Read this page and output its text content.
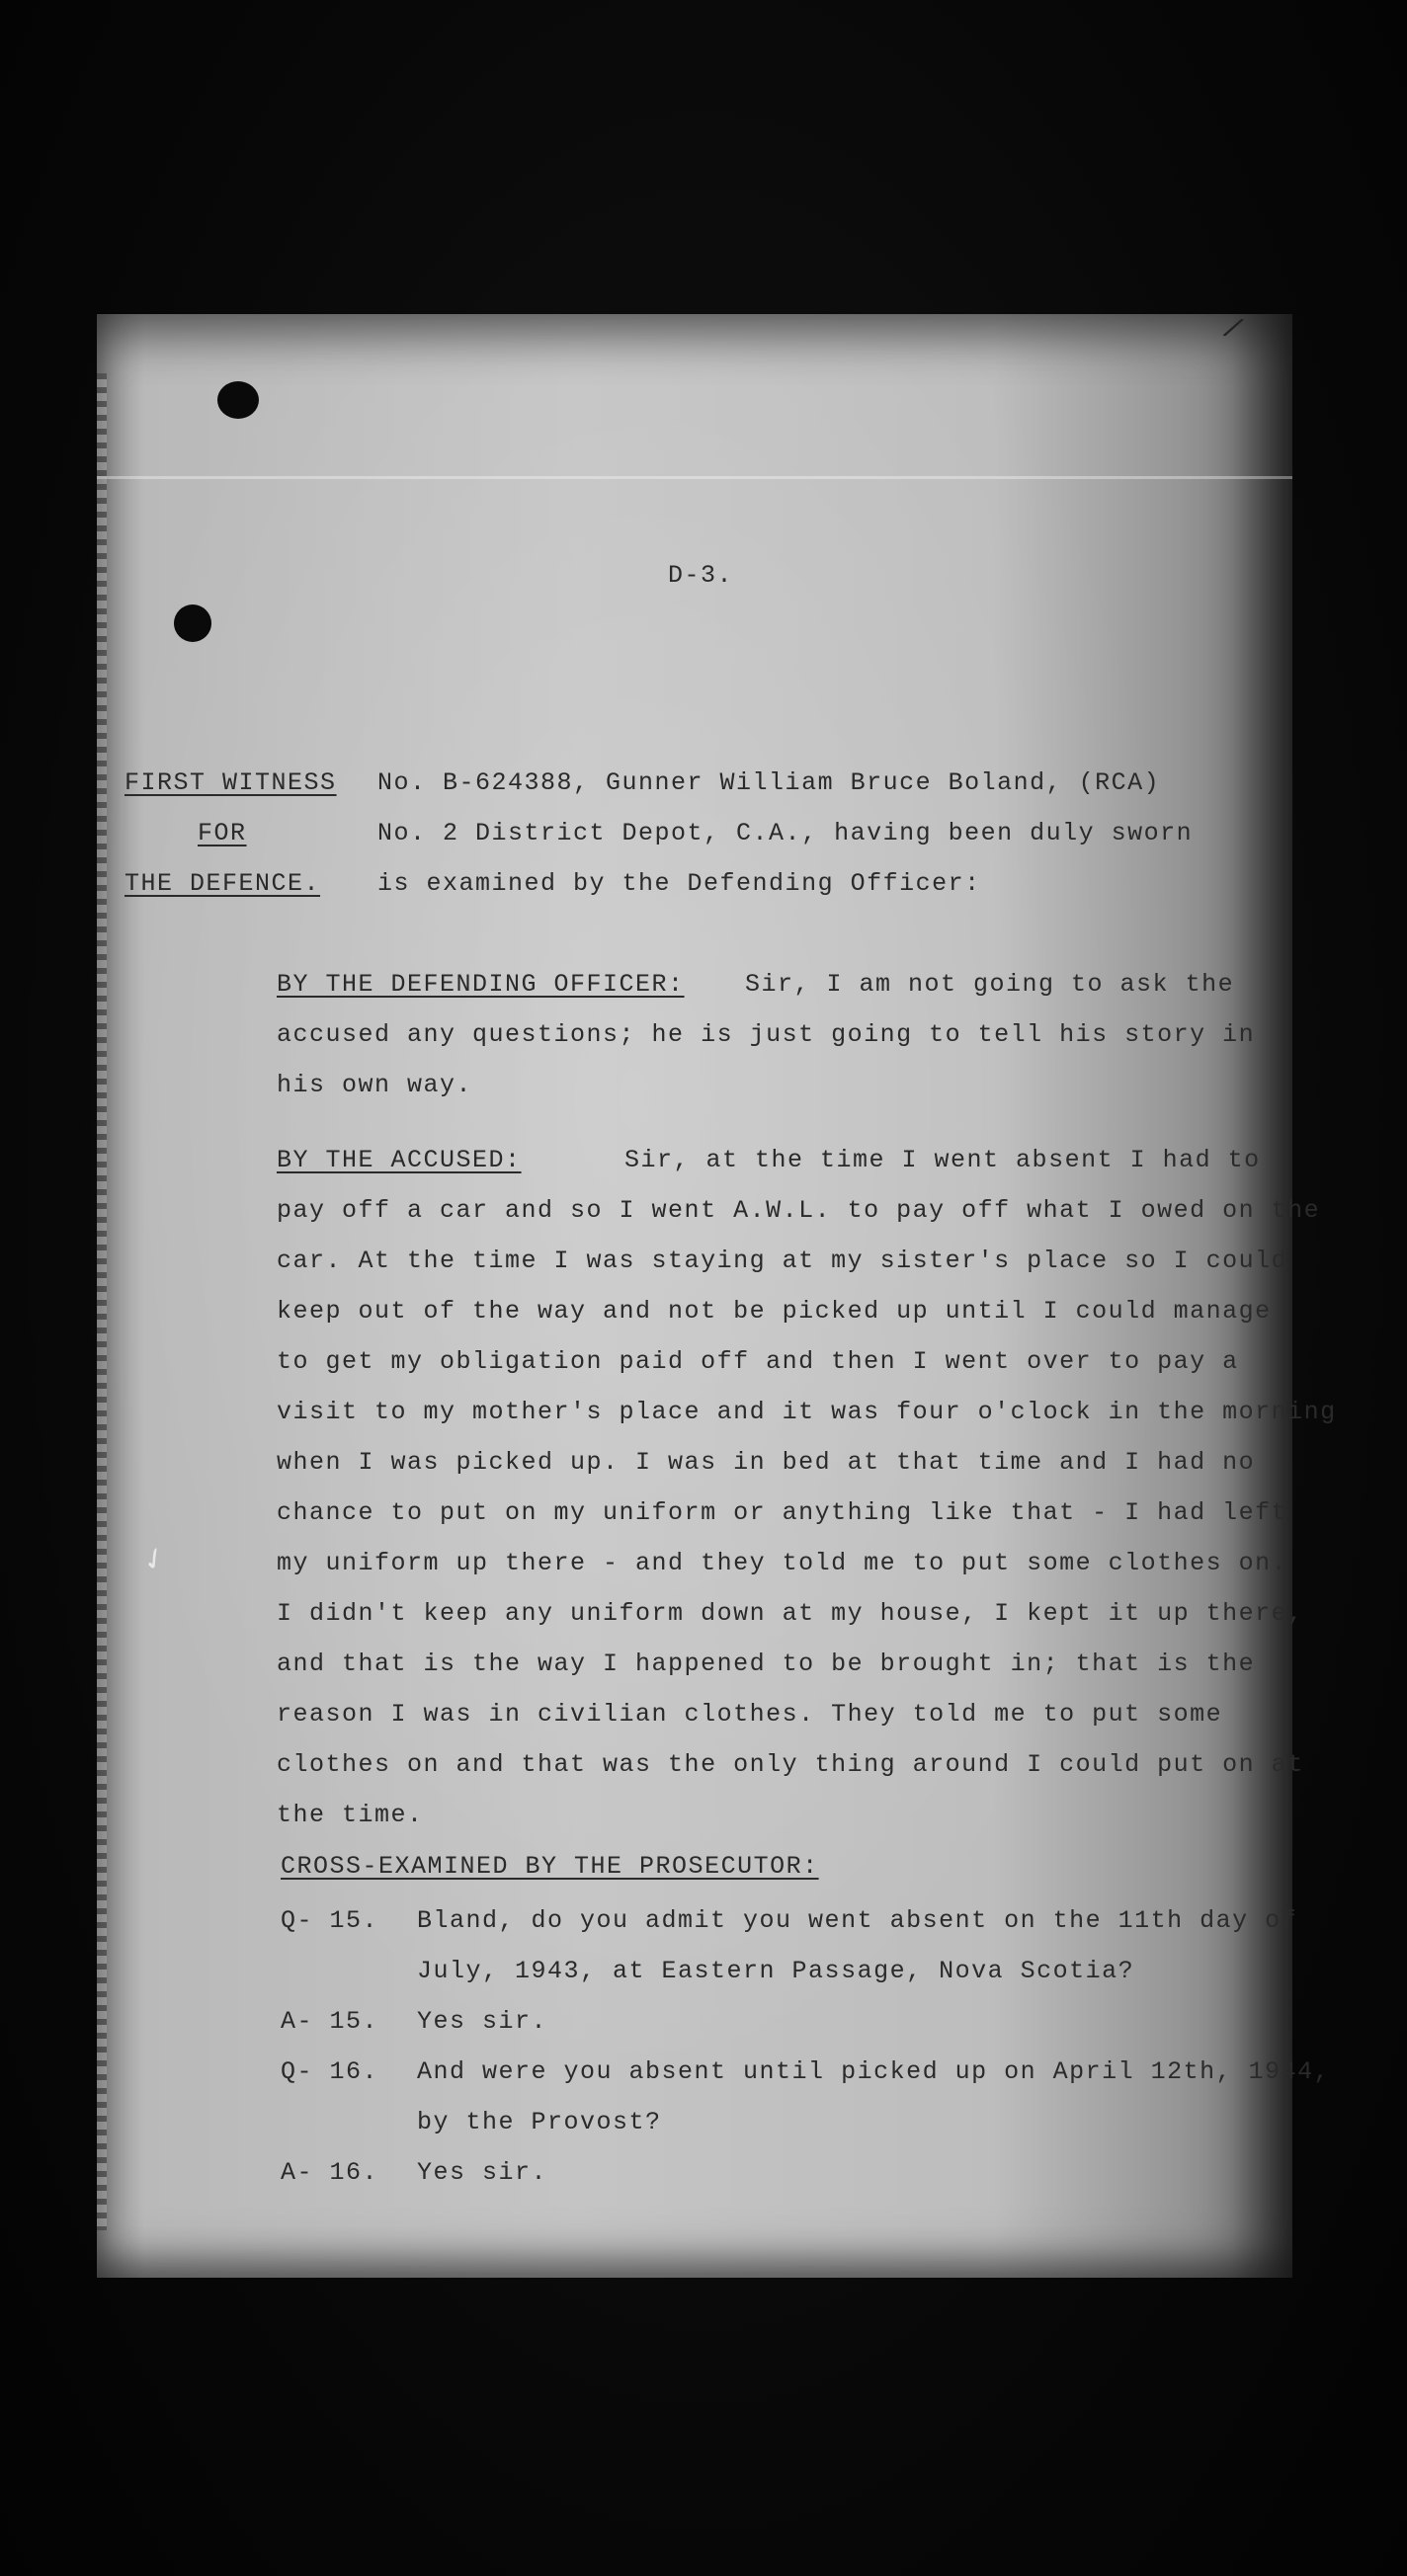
/
✓
D-3.
FIRST WITNESS
FOR
THE DEFENCE.
No. B-624388, Gunner William Bruce Boland, (RCA)
No. 2 District Depot, C.A., having been duly sworn
is examined by the Defending Officer:
BY THE DEFENDING OFFICER: Sir, I am not going to ask the
accused any questions; he is just going to tell his story in
his own way.
BY THE ACCUSED:	Sir, at the time I went absent I had to
pay off a car and so I went A.W.L. to pay off what I owed on the
car. At the time I was staying at my sister's place so I could
keep out of the way and not be picked up until I could manage
to get my obligation paid off and then I went over to pay a
visit to my mother's place and it was four o'clock in the morning
when I was picked up. I was in bed at that time and I had no
chance to put on my uniform or anything like that - I had left
my uniform up there - and they told me to put some clothes on.
I didn't keep any uniform down at my house, I kept it up there,
and that is the way I happened to be brought in; that is the
reason I was in civilian clothes. They told me to put some
clothes on and that was the only thing around I could put on at
the time.
CROSS-EXAMINED BY THE PROSECUTOR:
Q- 15. Bland, do you admit you went absent on the 11th day of
July, 1943, at Eastern Passage, Nova Scotia?
A- 15. Yes sir.
Q- 16. And were you absent until picked up on April 12th, 1944,
by the Provost?
A- 16. Yes sir.
